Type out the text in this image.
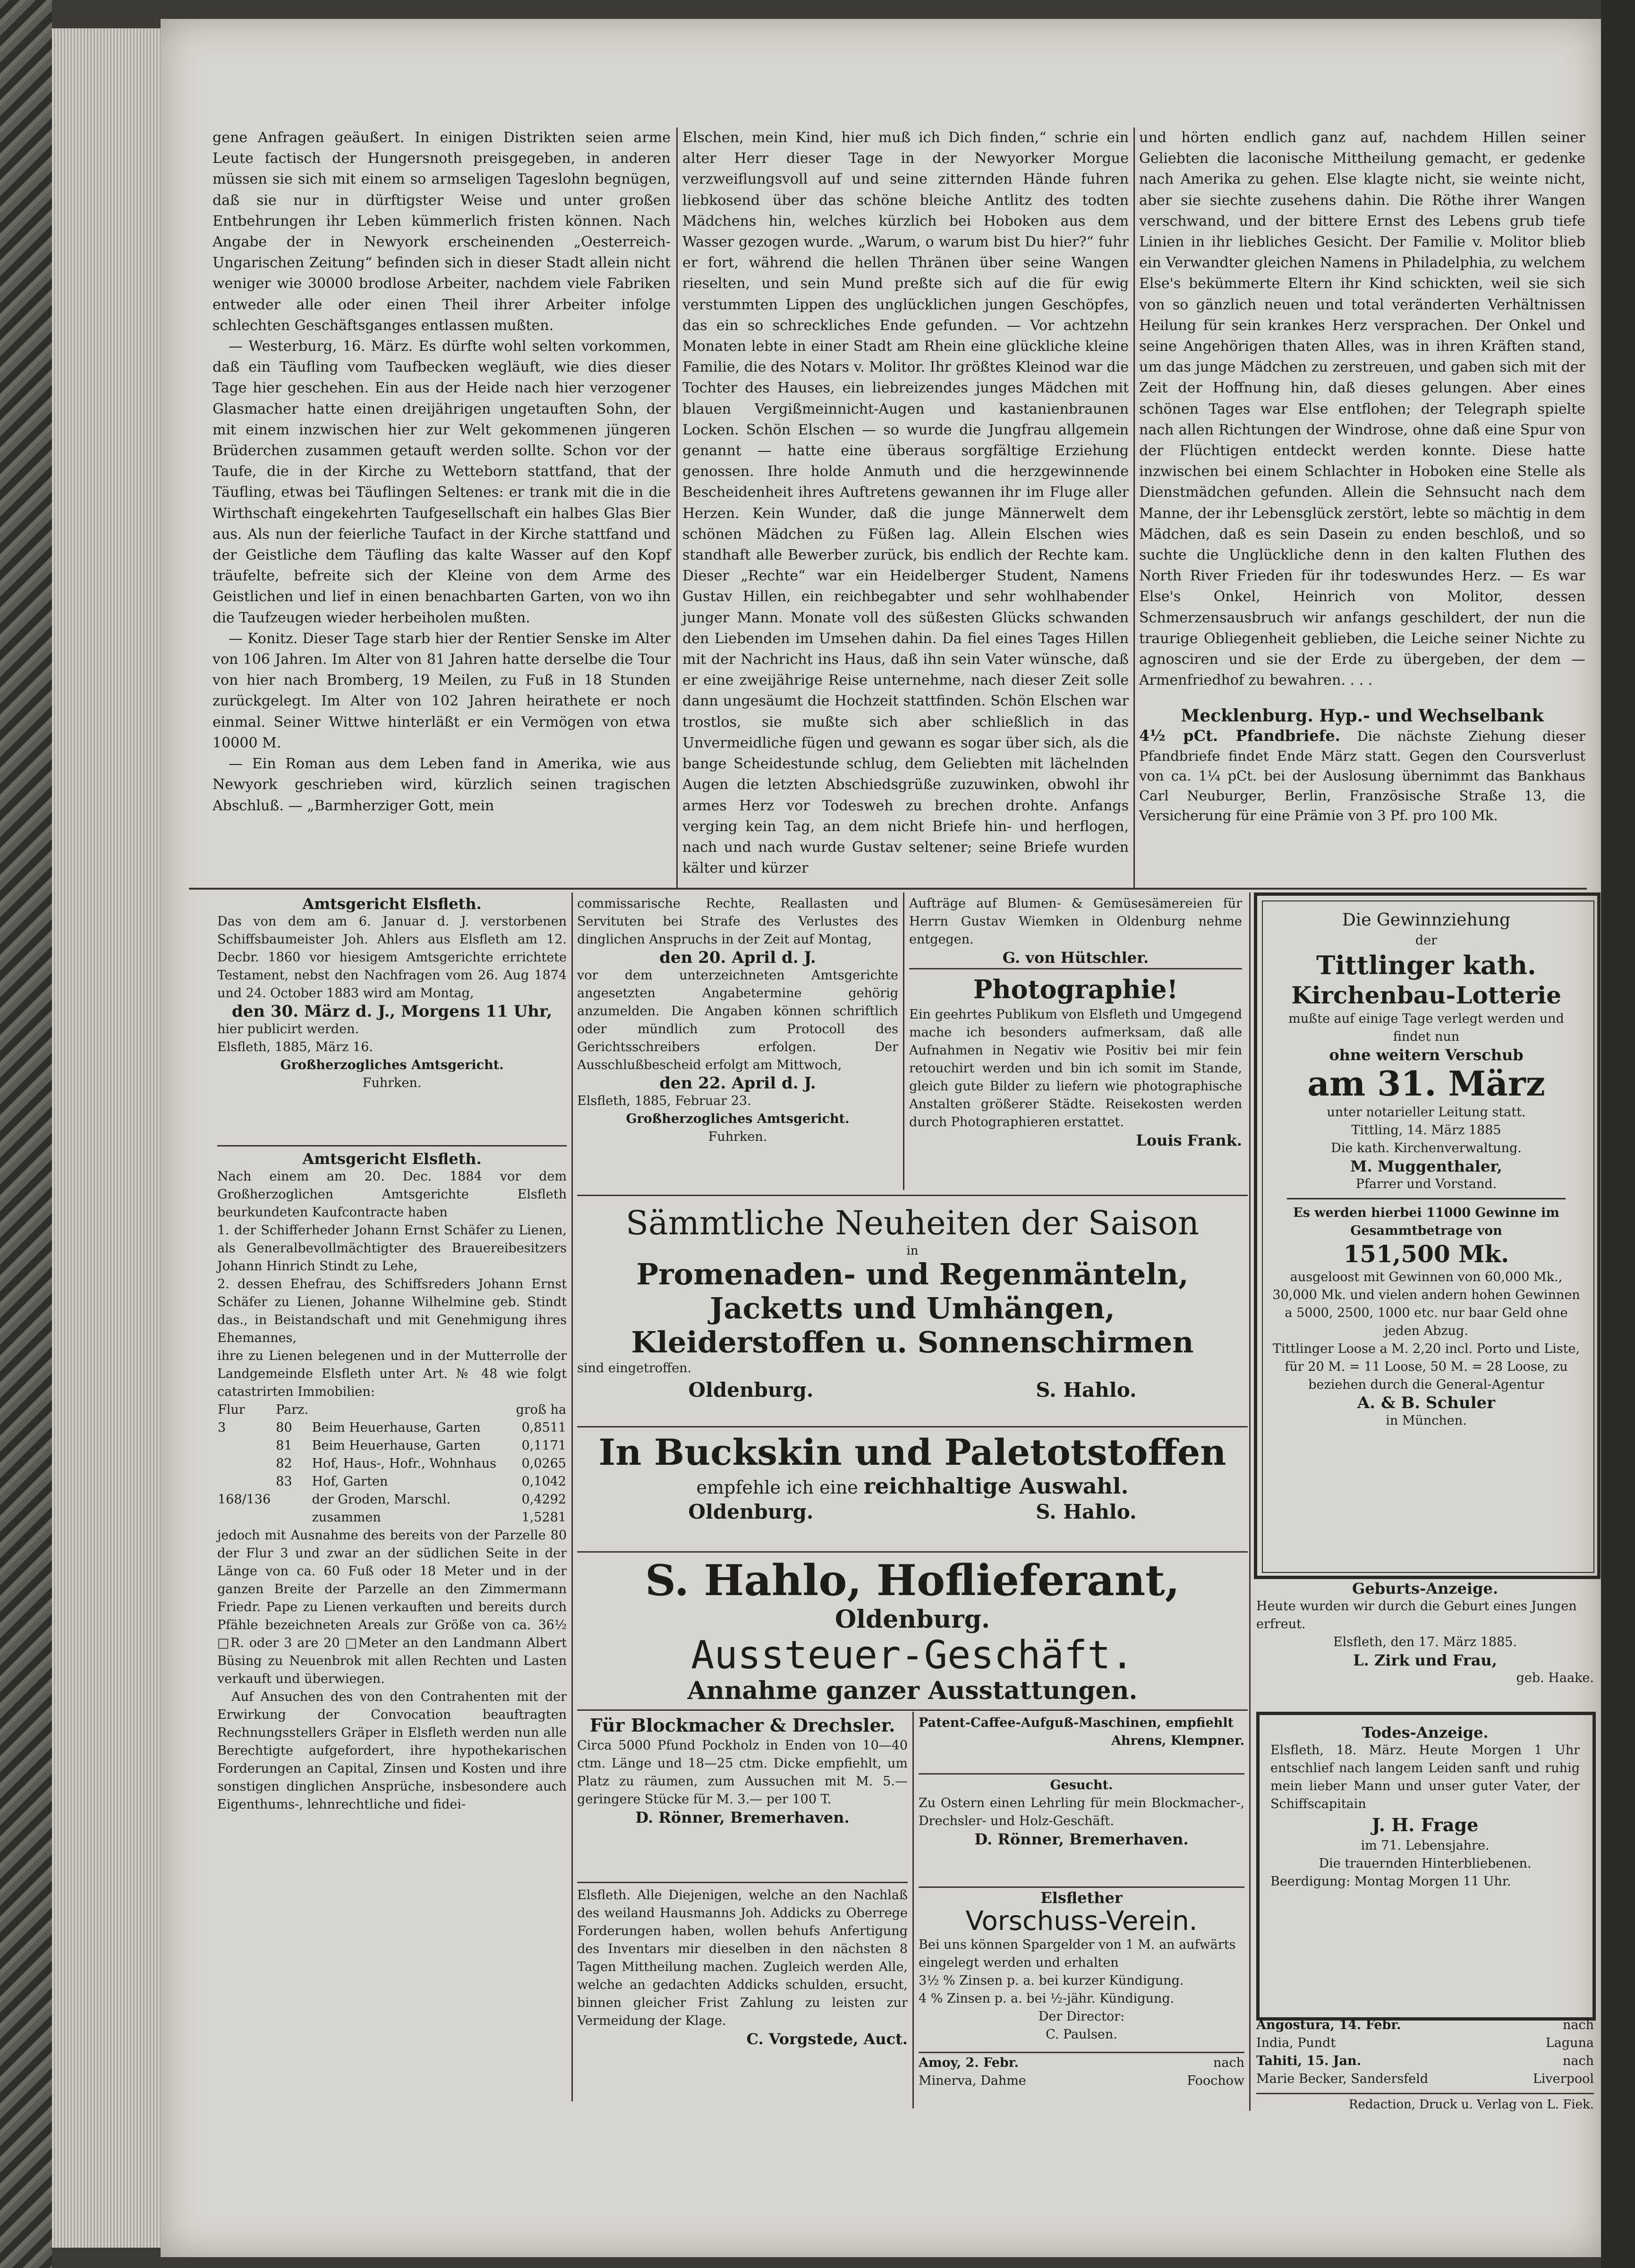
gene Anfragen geäußert. In einigen Distrikten seien arme Leute factisch der Hungersnoth preisgegeben, in anderen müssen sie sich mit einem so armseligen Tageslohn begnügen, daß sie nur in dürftigster Weise und unter großen Entbehrungen ihr Leben kümmerlich fristen können. Nach Angabe der in Newyork erscheinenden „Oesterreich-Ungarischen Zeitung“ befinden sich in dieser Stadt allein nicht weniger wie 30000 brodlose Arbeiter, nachdem viele Fabriken entweder alle oder einen Theil ihrer Arbeiter infolge schlechten Geschäftsganges entlassen mußten.

— Westerburg, 16. März. Es dürfte wohl selten vorkommen, daß ein Täufling vom Taufbecken wegläuft, wie dies dieser Tage hier geschehen. Ein aus der Heide nach hier verzogener Glasmacher hatte einen dreijährigen ungetauften Sohn, der mit einem inzwischen hier zur Welt gekommenen jüngeren Brüderchen zusammen getauft werden sollte. Schon vor der Taufe, die in der Kirche zu Wetteborn stattfand, that der Täufling, etwas bei Täuflingen Seltenes: er trank mit die in die Wirthschaft eingekehrten Taufgesellschaft ein halbes Glas Bier aus. Als nun der feierliche Taufact in der Kirche stattfand und der Geistliche dem Täufling das kalte Wasser auf den Kopf träufelte, befreite sich der Kleine von dem Arme des Geistlichen und lief in einen benachbarten Garten, von wo ihn die Taufzeugen wieder herbeiholen mußten.

— Konitz. Dieser Tage starb hier der Rentier Senske im Alter von 106 Jahren. Im Alter von 81 Jahren hatte derselbe die Tour von hier nach Bromberg, 19 Meilen, zu Fuß in 18 Stunden zurückgelegt. Im Alter von 102 Jahren heirathete er noch einmal. Seiner Wittwe hinterläßt er ein Vermögen von etwa 10000 M.

— Ein Roman aus dem Leben fand in Amerika, wie aus Newyork geschrieben wird, kürzlich seinen tragischen Abschluß. — „Barmherziger Gott, mein

Elschen, mein Kind, hier muß ich Dich finden,“ schrie ein alter Herr dieser Tage in der Newyorker Morgue verzweiflungsvoll auf und seine zitternden Hände fuhren liebkosend über das schöne bleiche Antlitz des todten Mädchens hin, welches kürzlich bei Hoboken aus dem Wasser gezogen wurde. „Warum, o warum bist Du hier?“ fuhr er fort, während die hellen Thränen über seine Wangen rieselten, und sein Mund preßte sich auf die für ewig verstummten Lippen des unglücklichen jungen Geschöpfes, das ein so schreckliches Ende gefunden. — Vor achtzehn Monaten lebte in einer Stadt am Rhein eine glückliche kleine Familie, die des Notars v. Molitor. Ihr größtes Kleinod war die Tochter des Hauses, ein liebreizendes junges Mädchen mit blauen Vergißmeinnicht-Augen und kastanienbraunen Locken. Schön Elschen — so wurde die Jungfrau allgemein genannt — hatte eine überaus sorgfältige Erziehung genossen. Ihre holde Anmuth und die herzgewinnende Bescheidenheit ihres Auftretens gewannen ihr im Fluge aller Herzen. Kein Wunder, daß die junge Männerwelt dem schönen Mädchen zu Füßen lag. Allein Elschen wies standhaft alle Bewerber zurück, bis endlich der Rechte kam. Dieser „Rechte“ war ein Heidelberger Student, Namens Gustav Hillen, ein reichbegabter und sehr wohlhabender junger Mann. Monate voll des süßesten Glücks schwanden den Liebenden im Umsehen dahin. Da fiel eines Tages Hillen mit der Nachricht ins Haus, daß ihn sein Vater wünsche, daß er eine zweijährige Reise unternehme, nach dieser Zeit solle dann ungesäumt die Hochzeit stattfinden. Schön Elschen war trostlos, sie mußte sich aber schließlich in das Unvermeidliche fügen und gewann es sogar über sich, als die bange Scheidestunde schlug, dem Geliebten mit lächelnden Augen die letzten Abschiedsgrüße zuzuwinken, obwohl ihr armes Herz vor Todesweh zu brechen drohte. Anfangs verging kein Tag, an dem nicht Briefe hin- und herflogen, nach und nach wurde Gustav seltener; seine Briefe wurden kälter und kürzer

und hörten endlich ganz auf, nachdem Hillen seiner Geliebten die laconische Mittheilung gemacht, er gedenke nach Amerika zu gehen. Else klagte nicht, sie weinte nicht, aber sie siechte zusehens dahin. Die Röthe ihrer Wangen verschwand, und der bittere Ernst des Lebens grub tiefe Linien in ihr liebliches Gesicht. Der Familie v. Molitor blieb ein Verwandter gleichen Namens in Philadelphia, zu welchem Else's bekümmerte Eltern ihr Kind schickten, weil sie sich von so gänzlich neuen und total veränderten Verhältnissen Heilung für sein krankes Herz versprachen. Der Onkel und seine Angehörigen thaten Alles, was in ihren Kräften stand, um das junge Mädchen zu zerstreuen, und gaben sich mit der Zeit der Hoffnung hin, daß dieses gelungen. Aber eines schönen Tages war Else entflohen; der Telegraph spielte nach allen Richtungen der Windrose, ohne daß eine Spur von der Flüchtigen entdeckt werden konnte. Diese hatte inzwischen bei einem Schlachter in Hoboken eine Stelle als Dienstmädchen gefunden. Allein die Sehnsucht nach dem Manne, der ihr Lebensglück zerstört, lebte so mächtig in dem Mädchen, daß es sein Dasein zu enden beschloß, und so suchte die Unglückliche denn in den kalten Fluthen des North River Frieden für ihr todeswundes Herz. — Es war Else's Onkel, Heinrich von Molitor, dessen Schmerzensausbruch wir anfangs geschildert, der nun die traurige Obliegenheit geblieben, die Leiche seiner Nichte zu agnosciren und sie der Erde zu übergeben, der dem — Armenfriedhof zu bewahren. . . .

Mecklenburg. Hyp.- und Wechselbank

4½ pCt. Pfandbriefe. Die nächste Ziehung dieser Pfandbriefe findet Ende März statt. Gegen den Coursverlust von ca. 1¼ pCt. bei der Auslosung übernimmt das Bankhaus Carl Neuburger, Berlin, Französische Straße 13, die Versicherung für eine Prämie von 3 Pf. pro 100 Mk.

Amtsgericht Elsfleth.

Das von dem am 6. Januar d. J. verstorbenen Schiffsbaumeister Joh. Ahlers aus Elsfleth am 12. Decbr. 1860 vor hiesigem Amtsgerichte errichtete Testament, nebst den Nachfragen vom 26. Aug 1874 und 24. October 1883 wird am Montag,

den 30. März d. J., Morgens 11 Uhr,

hier publicirt werden.

Elsfleth, 1885, März 16.

Großherzogliches Amtsgericht.

Fuhrken.

Amtsgericht Elsfleth.

Nach einem am 20. Dec. 1884 vor dem Großherzoglichen Amtsgerichte Elsfleth beurkundeten Kaufcontracte haben

1. der Schifferheder Johann Ernst Schäfer zu Lienen, als Generalbevollmächtigter des Brauereibesitzers Johann Hinrich Stindt zu Lehe,

2. dessen Ehefrau, des Schiffsreders Johann Ernst Schäfer zu Lienen, Johanne Wilhelmine geb. Stindt das., in Beistandschaft und mit Genehmigung ihres Ehemannes,

ihre zu Lienen belegenen und in der Mutterrolle der Landgemeinde Elsfleth unter Art. № 48 wie folgt catastrirten Immobilien:

Flur	Parz.		groß ha
3	80	Beim Heuerhause, Garten	0,8511
	81	Beim Heuerhause, Garten	0,1171
	82	Hof, Haus-, Hofr., Wohnhaus	0,0265
	83	Hof, Garten	0,1042
168/136		der Groden, Marschl.	0,4292
		zusammen	1,5281

jedoch mit Ausnahme des bereits von der Parzelle 80 der Flur 3 und zwar an der südlichen Seite in der Länge von ca. 60 Fuß oder 18 Meter und in der ganzen Breite der Parzelle an den Zimmermann Friedr. Pape zu Lienen verkauften und bereits durch Pfähle bezeichneten Areals zur Größe von ca. 36½ □R. oder 3 are 20 □Meter an den Landmann Albert Büsing zu Neuenbrok mit allen Rechten und Lasten verkauft und überwiegen.

Auf Ansuchen des von den Contrahenten mit der Erwirkung der Convocation beauftragten Rechnungsstellers Gräper in Elsfleth werden nun alle Berechtigte aufgefordert, ihre hypothekarischen Forderungen an Capital, Zinsen und Kosten und ihre sonstigen dinglichen Ansprüche, insbesondere auch Eigenthums-, lehnrechtliche und fidei-

commissarische Rechte, Reallasten und Servituten bei Strafe des Verlustes des dinglichen Anspruchs in der Zeit auf Montag,

den 20. April d. J.

vor dem unterzeichneten Amtsgerichte angesetzten Angabetermine gehörig anzumelden. Die Angaben können schriftlich oder mündlich zum Protocoll des Gerichtsschreibers erfolgen. Der Ausschlußbescheid erfolgt am Mittwoch,

den 22. April d. J.

Elsfleth, 1885, Februar 23.

Großherzogliches Amtsgericht.

Fuhrken.

Aufträge auf Blumen- & Gemüsesämereien für Herrn Gustav Wiemken in Oldenburg nehme entgegen.

G. von Hütschler.

Photographie!

Ein geehrtes Publikum von Elsfleth und Umgegend mache ich besonders aufmerksam, daß alle Aufnahmen in Negativ wie Positiv bei mir fein retouchirt werden und bin ich somit im Stande, gleich gute Bilder zu liefern wie photographische Anstalten größerer Städte. Reisekosten werden durch Photographieren erstattet.

Louis Frank.

Sämmtliche Neuheiten der Saison

in

Promenaden- und Regenmänteln,

Jacketts und Umhängen,

Kleiderstoffen u. Sonnenschirmen

sind eingetroffen.

Oldenburg.	S. Hahlo.

In Buckskin und Paletotstoffen

empfehle ich eine reichhaltige Auswahl.

Oldenburg.	S. Hahlo.

S. Hahlo, Hoflieferant,

Oldenburg.

Aussteuer-Geschäft.

Annahme ganzer Ausstattungen.

Für Blockmacher & Drechsler.

Circa 5000 Pfund Pockholz in Enden von 10—40 ctm. Länge und 18—25 ctm. Dicke empfiehlt, um Platz zu räumen, zum Aussuchen mit M. 5.— geringere Stücke für M. 3.— per 100 T.

D. Rönner, Bremerhaven.

Elsfleth. Alle Diejenigen, welche an den Nachlaß des weiland Hausmanns Joh. Addicks zu Oberrege Forderungen haben, wollen behufs Anfertigung des Inventars mir dieselben in den nächsten 8 Tagen Mittheilung machen. Zugleich werden Alle, welche an gedachten Addicks schulden, ersucht, binnen gleicher Frist Zahlung zu leisten zur Vermeidung der Klage.

C. Vorgstede, Auct.

Patent-Caffee-Aufguß-Maschinen, empfiehlt

Ahrens, Klempner.

Gesucht.

Zu Ostern einen Lehrling für mein Blockmacher-, Drechsler- und Holz-Geschäft.

D. Rönner, Bremerhaven.

Elsflether

Vorschuss-Verein.

Bei uns können Spargelder von 1 M. an aufwärts eingelegt werden und erhalten

3½ % Zinsen p. a. bei kurzer Kündigung.

4 % Zinsen p. a. bei ½-jähr. Kündigung.

Der Director:

C. Paulsen.

Amoy, 2. Febr.	nach

Minerva, Dahme	Foochow

Die Gewinnziehung

der

Tittlinger kath.

Kirchenbau-Lotterie

mußte auf einige Tage verlegt werden und findet nun

ohne weitern Verschub

am 31. März

unter notarieller Leitung statt.

Tittling, 14. März 1885

Die kath. Kirchenverwaltung.

M. Muggenthaler,

Pfarrer und Vorstand.

Es werden hierbei 11000 Gewinne im Gesammtbetrage von

151,500 Mk.

ausgeloost mit Gewinnen von 60,000 Mk., 30,000 Mk. und vielen andern hohen Gewinnen a 5000, 2500, 1000 etc. nur baar Geld ohne jeden Abzug.

Tittlinger Loose a M. 2,20 incl. Porto und Liste, für 20 M. = 11 Loose, 50 M. = 28 Loose, zu beziehen durch die General-Agentur

A. & B. Schuler

in München.

Geburts-Anzeige.

Heute wurden wir durch die Geburt eines Jungen erfreut.

Elsfleth, den 17. März 1885.

L. Zirk und Frau,

geb. Haake.

Todes-Anzeige.

Elsfleth, 18. März. Heute Morgen 1 Uhr entschlief nach langem Leiden sanft und ruhig mein lieber Mann und unser guter Vater, der Schiffscapitain

J. H. Frage

im 71. Lebensjahre.

Die trauernden Hinterbliebenen.

Beerdigung: Montag Morgen 11 Uhr.

Angostura, 14. Febr.	nach

India, Pundt	Laguna

Tahiti, 15. Jan.	nach

Marie Becker, Sandersfeld	Liverpool

Redaction, Druck u. Verlag von L. Fiek.
